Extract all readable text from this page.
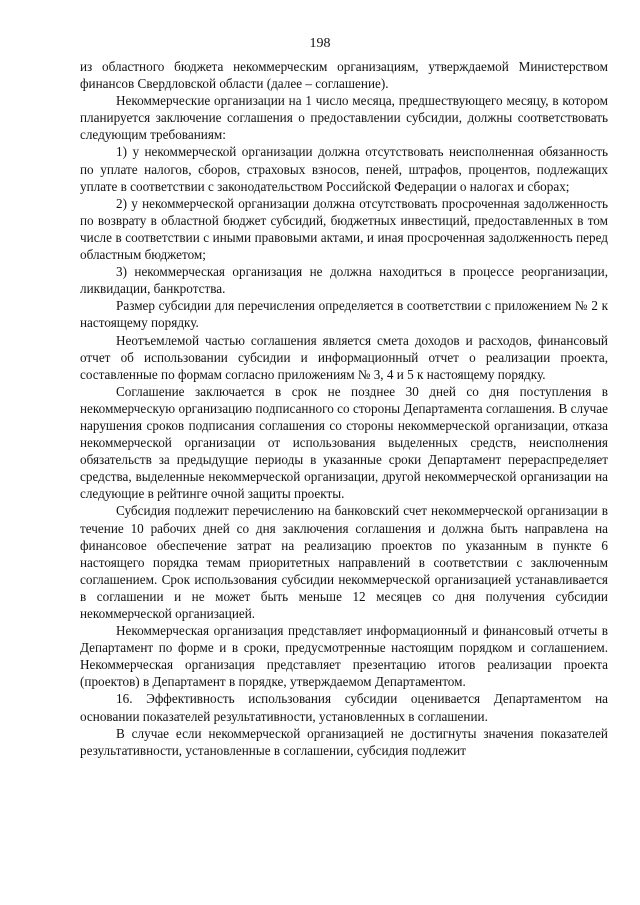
198

из областного бюджета некоммерческим организациям, утверждаемой Министерством финансов Свердловской области (далее – соглашение).

Некоммерческие организации на 1 число месяца, предшествующего месяцу, в котором планируется заключение соглашения о предоставлении субсидии, должны соответствовать следующим требованиям:

1) у некоммерческой организации должна отсутствовать неисполненная обязанность по уплате налогов, сборов, страховых взносов, пеней, штрафов, процентов, подлежащих уплате в соответствии с законодательством Российской Федерации о налогах и сборах;

2) у некоммерческой организации должна отсутствовать просроченная задолженность по возврату в областной бюджет субсидий, бюджетных инвестиций, предоставленных в том числе в соответствии с иными правовыми актами, и иная просроченная задолженность перед областным бюджетом;

3) некоммерческая организация не должна находиться в процессе реорганизации, ликвидации, банкротства.

Размер субсидии для перечисления определяется в соответствии с приложением № 2 к настоящему порядку.

Неотъемлемой частью соглашения является смета доходов и расходов, финансовый отчет об использовании субсидии и информационный отчет о реализации проекта, составленные по формам согласно приложениям № 3, 4 и 5 к настоящему порядку.

Соглашение заключается в срок не позднее 30 дней со дня поступления в некоммерческую организацию подписанного со стороны Департамента соглашения. В случае нарушения сроков подписания соглашения со стороны некоммерческой организации, отказа некоммерческой организации от использования выделенных средств, неисполнения обязательств за предыдущие периоды в указанные сроки Департамент перераспределяет средства, выделенные некоммерческой организации, другой некоммерческой организации на следующие в рейтинге очной защиты проекты.

Субсидия подлежит перечислению на банковский счет некоммерческой организации в течение 10 рабочих дней со дня заключения соглашения и должна быть направлена на финансовое обеспечение затрат на реализацию проектов по указанным в пункте 6 настоящего порядка темам приоритетных направлений в соответствии с заключенным соглашением. Срок использования субсидии некоммерческой организацией устанавливается в соглашении и не может быть меньше 12 месяцев со дня получения субсидии некоммерческой организацией.

Некоммерческая организация представляет информационный и финансовый отчеты в Департамент по форме и в сроки, предусмотренные настоящим порядком и соглашением. Некоммерческая организация представляет презентацию итогов реализации проекта (проектов) в Департамент в порядке, утверждаемом Департаментом.

16. Эффективность использования субсидии оценивается Департаментом на основании показателей результативности, установленных в соглашении.

В случае если некоммерческой организацией не достигнуты значения показателей результативности, установленные в соглашении, субсидия подлежит
